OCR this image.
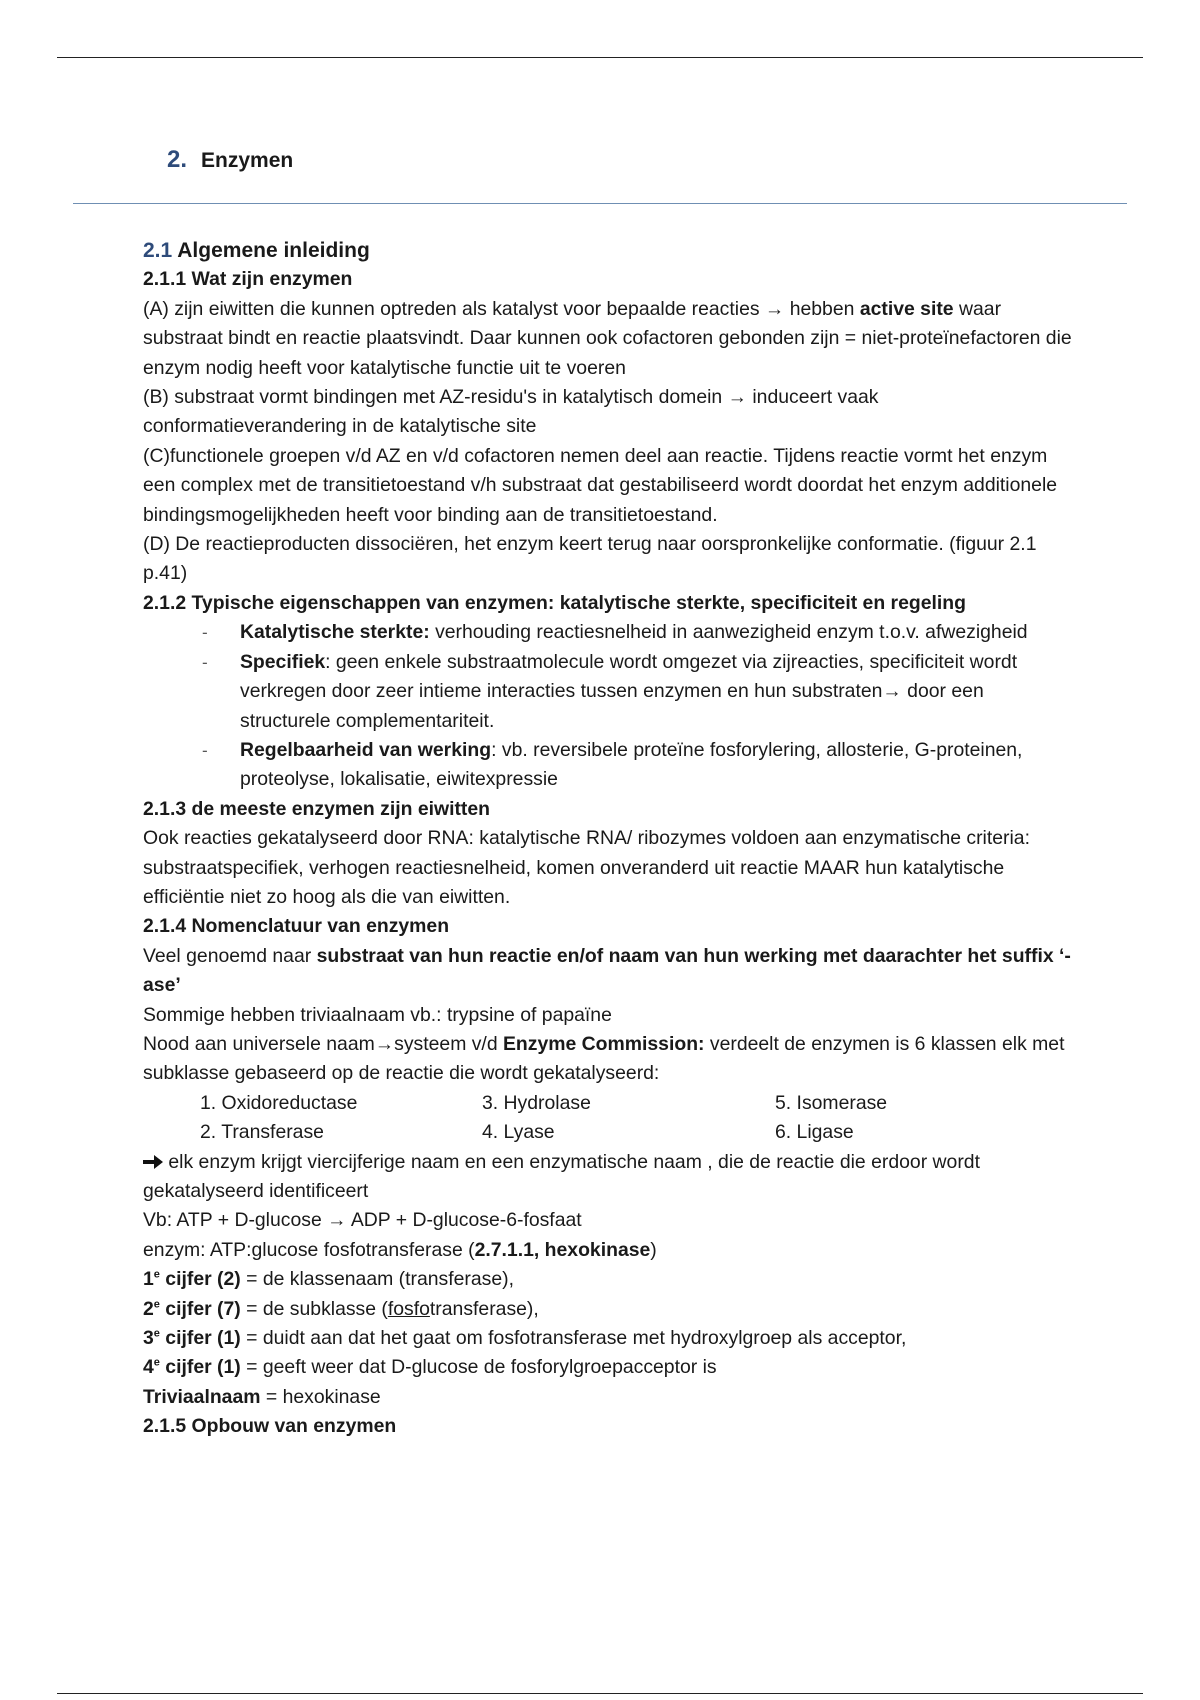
2. Enzymen

2.1 Algemene inleiding

2.1.1 Wat zijn enzymen

(A) zijn eiwitten die kunnen optreden als katalyst voor bepaalde reacties → hebben active site waar substraat bindt en reactie plaatsvindt. Daar kunnen ook cofactoren gebonden zijn = niet-proteïnefactoren die enzym nodig heeft voor katalytische functie uit te voeren

(B) substraat vormt bindingen met AZ-residu's in katalytisch domein → induceert vaak conformatieverandering in de katalytische site

(C)functionele groepen v/d AZ en v/d cofactoren nemen deel aan reactie. Tijdens reactie vormt het enzym een complex met de transitietoestand v/h substraat dat gestabiliseerd wordt doordat het enzym additionele bindingsmogelijkheden heeft voor binding aan de transitietoestand.

(D) De reactieproducten dissociëren, het enzym keert terug naar oorspronkelijke conformatie. (figuur 2.1 p.41)

2.1.2 Typische eigenschappen van enzymen: katalytische sterkte, specificiteit en regeling

- Katalytische sterkte: verhouding reactiesnelheid in aanwezigheid enzym t.o.v. afwezigheid
- Specifiek: geen enkele substraatmolecule wordt omgezet via zijreacties, specificiteit wordt verkregen door zeer intieme interacties tussen enzymen en hun substraten→ door een structurele complementariteit.
- Regelbaarheid van werking: vb. reversibele proteïne fosforylering, allosterie, G-proteinen, proteolyse, lokalisatie, eiwitexpressie

2.1.3 de meeste enzymen zijn eiwitten

Ook reacties gekatalyseerd door RNA: katalytische RNA/ ribozymes voldoen aan enzymatische criteria: substraatspecifiek, verhogen reactiesnelheid, komen onveranderd uit reactie MAAR hun katalytische efficiëntie niet zo hoog als die van eiwitten.

2.1.4 Nomenclatuur van enzymen

Veel genoemd naar substraat van hun reactie en/of naam van hun werking met daarachter het suffix ‘-ase’

Sommige hebben triviaalnaam vb.: trypsine of papaïne

Nood aan universele naam→systeem v/d Enzyme Commission: verdeelt de enzymen is 6 klassen elk met subklasse gebaseerd op de reactie die wordt gekatalyseerd:

1. Oxidoreductase	3. Hydrolase	5. Isomerase
2. Transferase	4. Lyase	6. Ligase

elk enzym krijgt viercijferige naam en een enzymatische naam , die de reactie die erdoor wordt gekatalyseerd identificeert

Vb: ATP + D-glucose → ADP + D-glucose-6-fosfaat

enzym: ATP:glucose fosfotransferase (2.7.1.1, hexokinase)

1e cijfer (2) = de klassenaam (transferase),

2e cijfer (7) = de subklasse (fosfotransferase),

3e cijfer (1) = duidt aan dat het gaat om fosfotransferase met hydroxylgroep als acceptor,

4e cijfer (1) = geeft weer dat D-glucose de fosforylgroepacceptor is

Triviaalnaam = hexokinase

2.1.5 Opbouw van enzymen
